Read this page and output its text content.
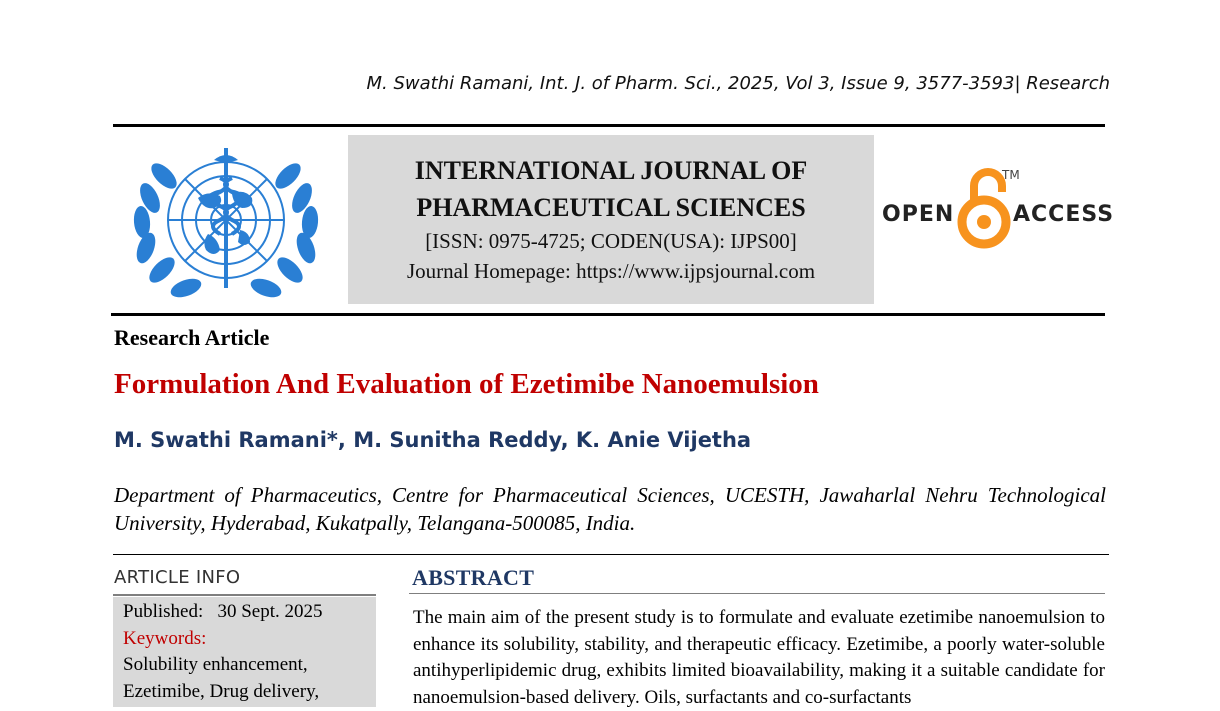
M. Swathi Ramani, Int. J. of Pharm. Sci., 2025, Vol 3, Issue 9, 3577-3593| Research
INTERNATIONAL JOURNAL OF
PHARMACEUTICAL SCIENCES
[ISSN: 0975-4725; CODEN(USA): IJPS00]
Journal Homepage: https://www.ijpsjournal.com
OPEN
TM
ACCESS
Research Article
Formulation And Evaluation of Ezetimibe Nanoemulsion
M. Swathi Ramani*, M. Sunitha Reddy, K. Anie Vijetha
Department of Pharmaceutics, Centre for Pharmaceutical Sciences, UCESTH, Jawaharlal Nehru Technological University, Hyderabad, Kukatpally, Telangana-500085, India.
ARTICLE INFO
Published: 30 Sept. 2025
Keywords:
Solubility enhancement,
Ezetimibe, Drug delivery,
ABSTRACT
The main aim of the present study is to formulate and evaluate ezetimibe nanoemulsion to enhance its solubility, stability, and therapeutic efficacy. Ezetimibe, a poorly water-soluble antihyperlipidemic drug, exhibits limited bioavailability, making it a suitable candidate for nanoemulsion-based delivery. Oils, surfactants and co-surfactants
